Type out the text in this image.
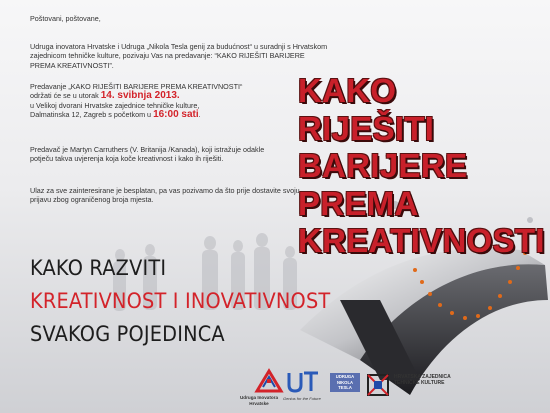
Poštovani, poštovane,
Udruga inovatora Hrvatske i Udruga „Nikola Tesla genij za budućnost“ u suradnji s Hrvatskom zajednicom tehničke kulture, pozivaju Vas na predavanje: “KAKO RIJEŠITI BARIJERE PREMA KREATIVNOSTI”.
Predavanje „KAKO RIJEŠITI BARIJERE PREMA KREATIVNOSTI“
održati će se u utorak 14. svibnja 2013.
u Velikoj dvorani Hrvatske zajednice tehničke kulture,
Dalmatinska 12, Zagreb s početkom u 16:00 sati.
Predavač je Martyn Carruthers (V. Britanija /Kanada), koji istražuje odakle potječu takva uvjerenja koja koče kreativnost i kako ih riješiti.
Ulaz za sve zainteresirane je besplatan, pa vas pozivamo da što prije dostavite svoju prijavu zbog ograničenog broja mjesta.
KAKO
RIJEŠITI
BARIJERE
PREMA
KREATIVNOSTI
KAKO RAZVITI
KREATIVNOST I INOVATIVNOST
SVAKOG POJEDINCA
Udruga Inovatora Hrvatske
Genius for the Future
UDRUGA NIKOLA TESLA
HRVATSKA ZAJEDNICA TEHNIČKE KULTURE
